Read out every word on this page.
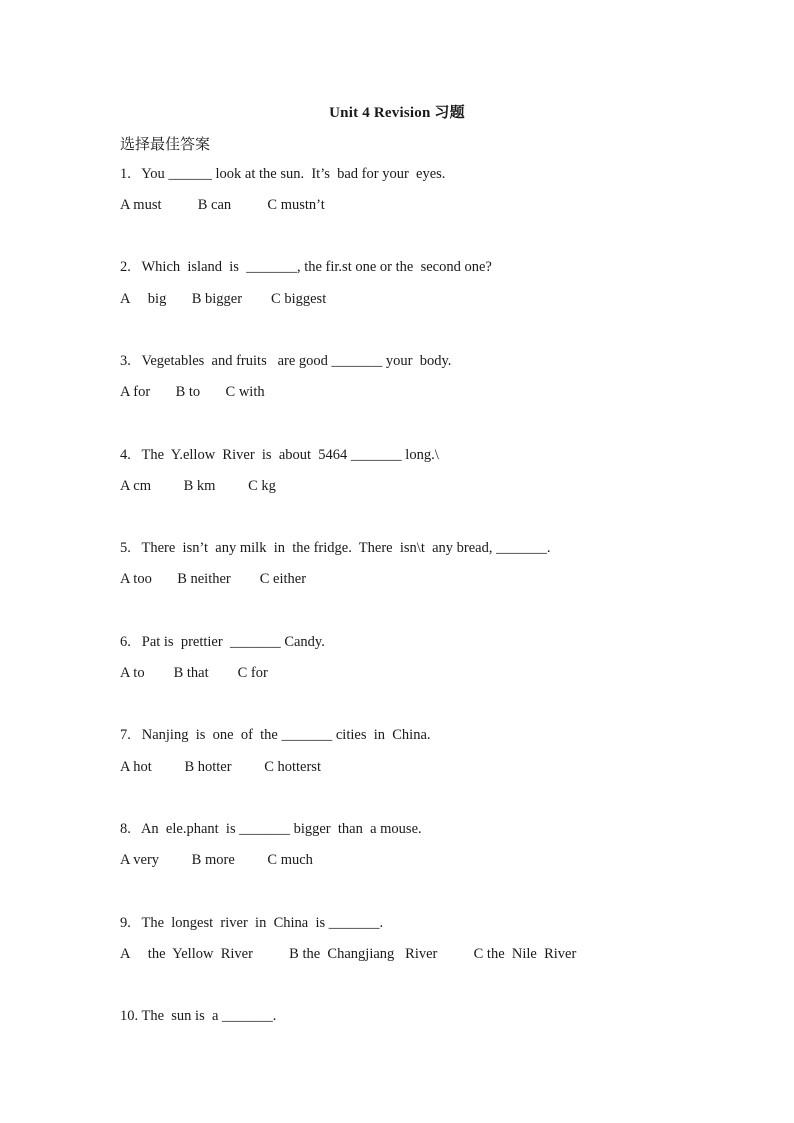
Unit 4 Revision 习题
选择最佳答案
1.   You ______ look at the sun.  It’s  bad for your  eyes.
A must          B can          C mustn’t
2.   Which  island  is  _______, the fir.st one or the  second one?
A     big       B bigger        C biggest
3.   Vegetables  and fruits   are good _______ your  body.
A for       B to       C with
4.   The  Y.ellow  River  is  about  5464 _______ long.\
A cm         B km         C kg
5.   There  isn’t  any milk  in  the fridge.  There  isn\t  any bread, _______.
A too       B neither        C either
6.   Pat is  prettier  _______ Candy.
A to        B that        C for
7.   Nanjing  is  one  of  the _______ cities  in  China.
A hot         B hotter         C hotterst
8.   An  ele.phant  is _______ bigger  than  a mouse.
A very         B more         C much
9.   The  longest  river  in  China  is _______.
A     the  Yellow  River          B the  Changjiang   River          C the  Nile  River
10. The  sun is  a _______.
